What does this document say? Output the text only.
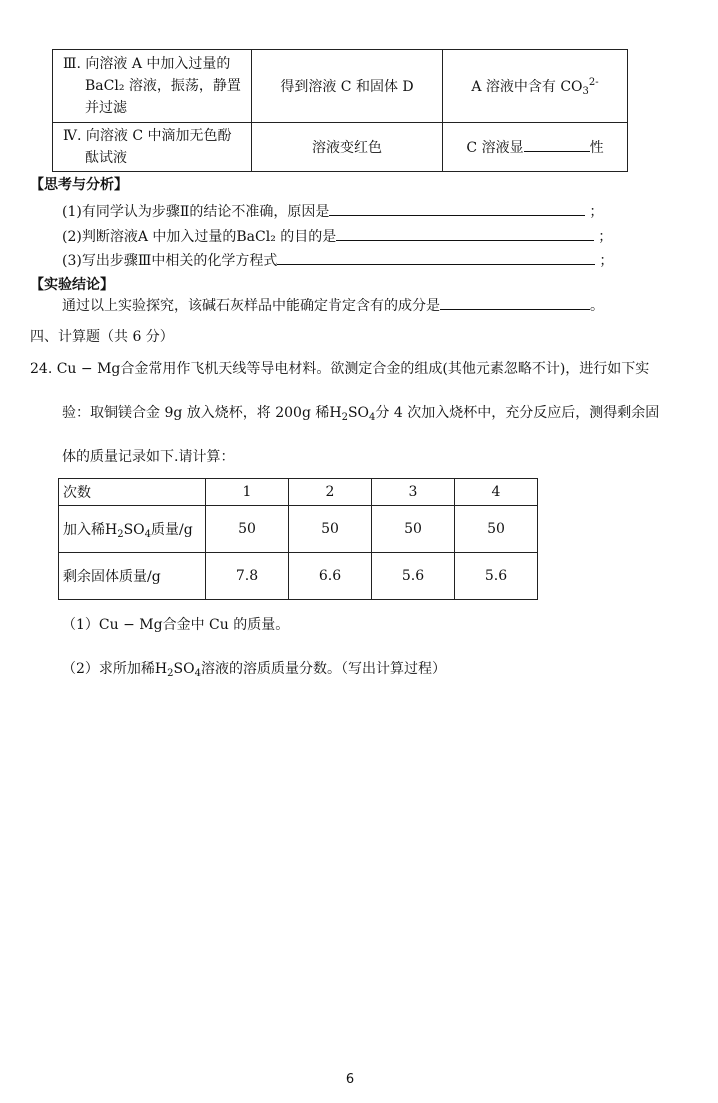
Ⅲ. 向溶液 A 中加入过量的
BaCl₂ 溶液，振荡，静置
并过滤	得到溶液 C 和固体 D	A 溶液中含有 $CO_3^{2-}$

Ⅳ. 向溶液 C 中滴加无色酚
酞试液	溶液变红色	C 溶液显 性
【思考与分析】
(1)有同学认为步骤Ⅱ的结论不准确，原因是	；
(2)判断溶液A 中加入过量的BaCl₂ 的目的是	；
(3)写出步骤Ⅲ中相关的化学方程式	；
【实验结论】
通过以上实验探究，该碱石灰样品中能确定肯定含有的成分是	。
四、计算题（共 6 分）
24. Cu − Mg合金常用作飞机天线等导电材料。欲测定合金的组成(其他元素忽略不计)，进行如下实
验：取铜镁合金 9g 放入烧杯，将 200g 稀$H_2SO_4$分 4 次加入烧杯中，充分反应后，测得剩余固
体的质量记录如下.请计算：
次数	1	2	3	4
加入稀$H_2SO_4$质量/g	50	50	50	50
剩余固体质量/g	7.8	6.6	5.6	5.6
（1）Cu − Mg合金中 Cu 的质量。
（2）求所加稀$H_2SO_4$溶液的溶质质量分数。（写出计算过程）
6
